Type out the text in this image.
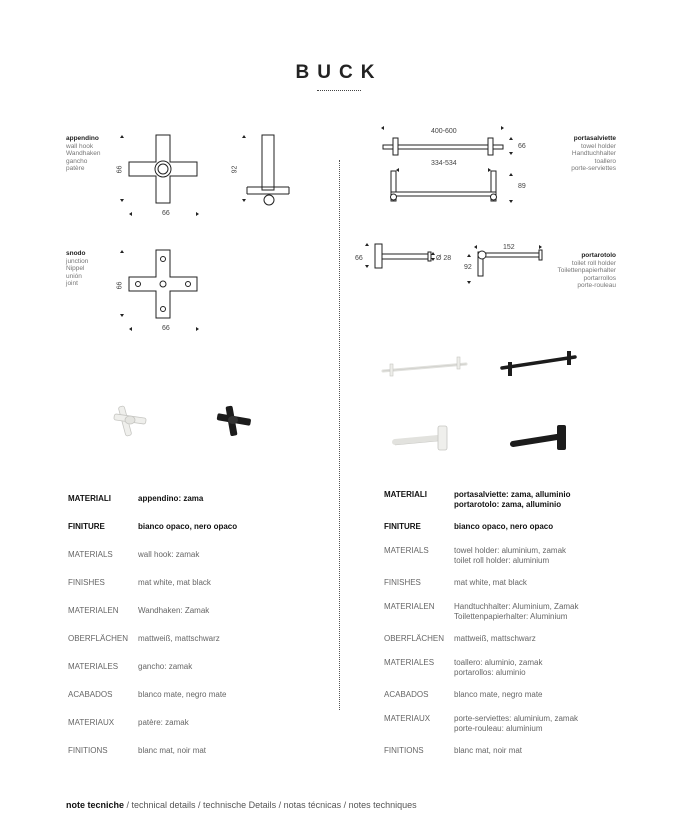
BUCK
appendino
wall hook
Wandhaken
gancho
patère	66
66
92
snodo
junction
Nippel
unión
joint	66
66
400-600
334-534
66
89
portasalviette
towel holder
Handtuchhalter
toallero
porte-serviettes
66	Ø 28
152
92
portarotolo
toilet roll holder
Toilettenpapierhalter
portarrollos
porte-rouleau
MATERIALI	appendino: zama
FINITURE	bianco opaco, nero opaco
MATERIALS	wall hook: zamak
FINISHES	mat white, mat black
MATERIALEN Wandhaken: Zamak
OBERFLÄCHEN mattweiß, mattschwarz
MATERIALES gancho: zamak
ACABADOS	blanco mate, negro mate
MATERIAUX	patère: zamak
FINITIONS	blanc mat, noir mat
MATERIALI	portasalviette: zama, alluminio
portarotolo: zama, alluminio
FINITURE	bianco opaco, nero opaco
MATERIALS	towel holder: aluminium, zamak
toilet roll holder: aluminium
FINISHES	mat white, mat black
MATERIALEN Handtuchhalter: Aluminium, Zamak
Toilettenpapierhalter: Aluminium
OBERFLÄCHEN mattweiß, mattschwarz
MATERIALES toallero: aluminio, zamak
portarollos: aluminio
ACABADOS	blanco mate, negro mate
MATERIAUX	porte-serviettes: aluminium, zamak
porte-rouleau: aluminium
FINITIONS	blanc mat, noir mat
note tecniche / technical details / technische Details / notas técnicas / notes techniques
